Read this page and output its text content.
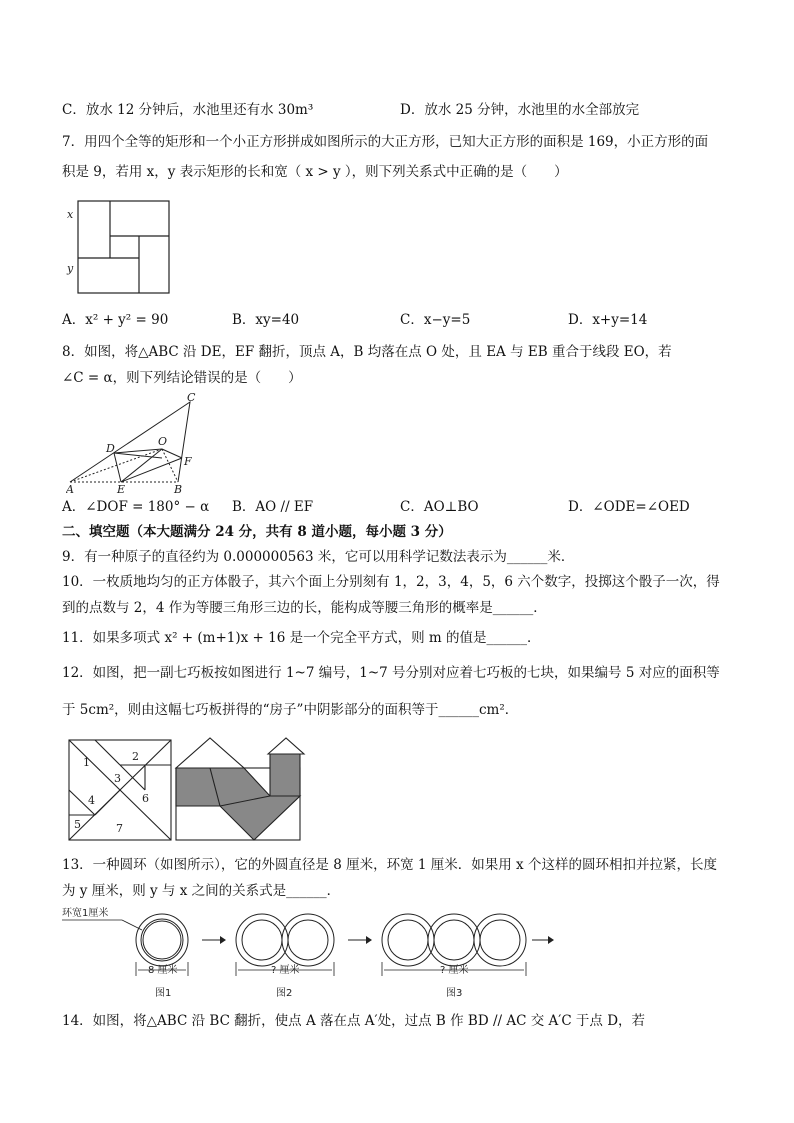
C．放水 12 分钟后，水池里还有水 30m³	D．放水 25 分钟，水池里的水全部放完
7．用四个全等的矩形和一个小正方形拼成如图所示的大正方形，已知大正方形的面积是 169，小正方形的面
积是 9，若用 x，y 表示矩形的长和宽（ x > y ），则下列关系式中正确的是（　　）
x
y
A．x² + y² = 90	B．xy=40	C．x−y=5	D．x+y=14
8．如图，将△ABC 沿 DE，EF 翻折，顶点 A，B 均落在点 O 处，且 EA 与 EB 重合于线段 EO，若
∠C = α，则下列结论错误的是（　　）
C
D
O
F
A	E	B
A．∠DOF = 180° − α B．AO // EF	C．AO⊥BO	D．∠ODE=∠OED
二、填空题（本大题满分 24 分，共有 8 道小题，每小题 3 分）
9．有一种原子的直径约为 0.000000563 米，它可以用科学记数法表示为______米．
10．一枚质地均匀的正方体骰子，其六个面上分别刻有 1，2，3，4，5，6 六个数字，投掷这个骰子一次，得
到的点数与 2，4 作为等腰三角形三边的长，能构成等腰三角形的概率是______．
11．如果多项式 x² + (m+1)x + 16 是一个完全平方式，则 m 的值是______．
12．如图，把一副七巧板按如图进行 1~7 编号，1~7 号分别对应着七巧板的七块，如果编号 5 对应的面积等
于 5cm²，则由这幅七巧板拼得的“房子”中阴影部分的面积等于______cm²．
1	2
3
4
5
6
7
13．一种圆环（如图所示），它的外圆直径是 8 厘米，环宽 1 厘米．如果用 x 个这样的圆环相扣并拉紧，长度
为 y 厘米，则 y 与 x 之间的关系式是______．
环宽1厘米
8 厘米
图1
? 厘米
图2
? 厘米
图3
14．如图，将△ABC 沿 BC 翻折，使点 A 落在点 A′处，过点 B 作 BD // AC 交 A′C 于点 D，若
